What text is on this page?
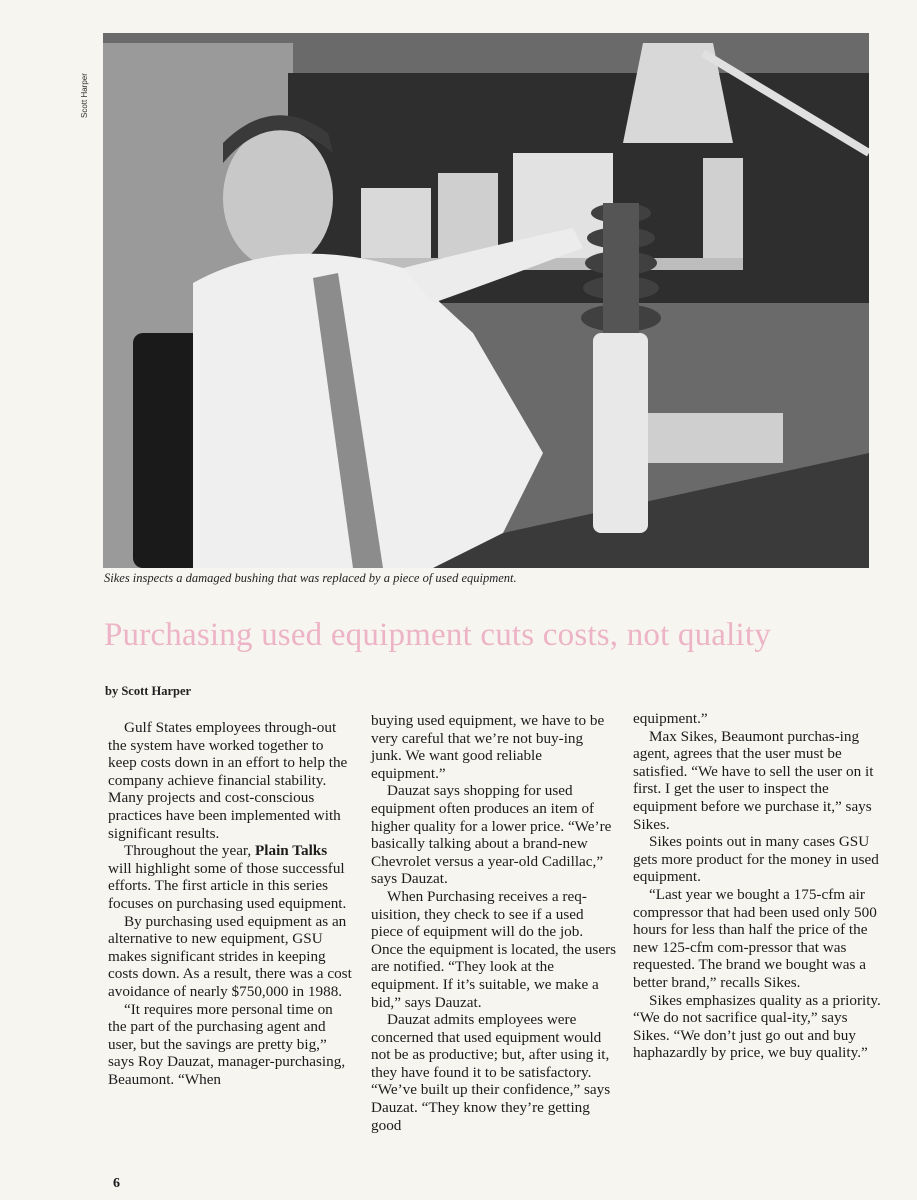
Scott Harper
Sikes inspects a damaged bushing that was replaced by a piece of used equipment.
Purchasing used equipment cuts costs, not quality
by Scott Harper

Gulf States employees through-out the system have worked together to keep costs down in an effort to help the company achieve financial stability. Many projects and cost-conscious practices have been implemented with significant results.

Throughout the year, Plain Talks will highlight some of those successful efforts. The first article in this series focuses on purchasing used equipment.

By purchasing used equipment as an alternative to new equipment, GSU makes significant strides in keeping costs down. As a result, there was a cost avoidance of nearly $750,000 in 1988.

“It requires more personal time on the part of the purchasing agent and user, but the savings are pretty big,” says Roy Dauzat, manager-purchasing, Beaumont. “When

buying used equipment, we have to be very careful that we’re not buy-ing junk. We want good reliable equipment.”

Dauzat says shopping for used equipment often produces an item of higher quality for a lower price. “We’re basically talking about a brand-new Chevrolet versus a year-old Cadillac,” says Dauzat.

When Purchasing receives a req-uisition, they check to see if a used piece of equipment will do the job. Once the equipment is located, the users are notified. “They look at the equipment. If it’s suitable, we make a bid,” says Dauzat.

Dauzat admits employees were concerned that used equipment would not be as productive; but, after using it, they have found it to be satisfactory. “We’ve built up their confidence,” says Dauzat. “They know they’re getting good

equipment.”

Max Sikes, Beaumont purchas-ing agent, agrees that the user must be satisfied. “We have to sell the user on it first. I get the user to inspect the equipment before we purchase it,” says Sikes.

Sikes points out in many cases GSU gets more product for the money in used equipment.

“Last year we bought a 175-cfm air compressor that had been used only 500 hours for less than half the price of the new 125-cfm com-pressor that was requested. The brand we bought was a better brand,” recalls Sikes.

Sikes emphasizes quality as a priority. “We do not sacrifice qual-ity,” says Sikes. “We don’t just go out and buy haphazardly by price, we buy quality.”

6
